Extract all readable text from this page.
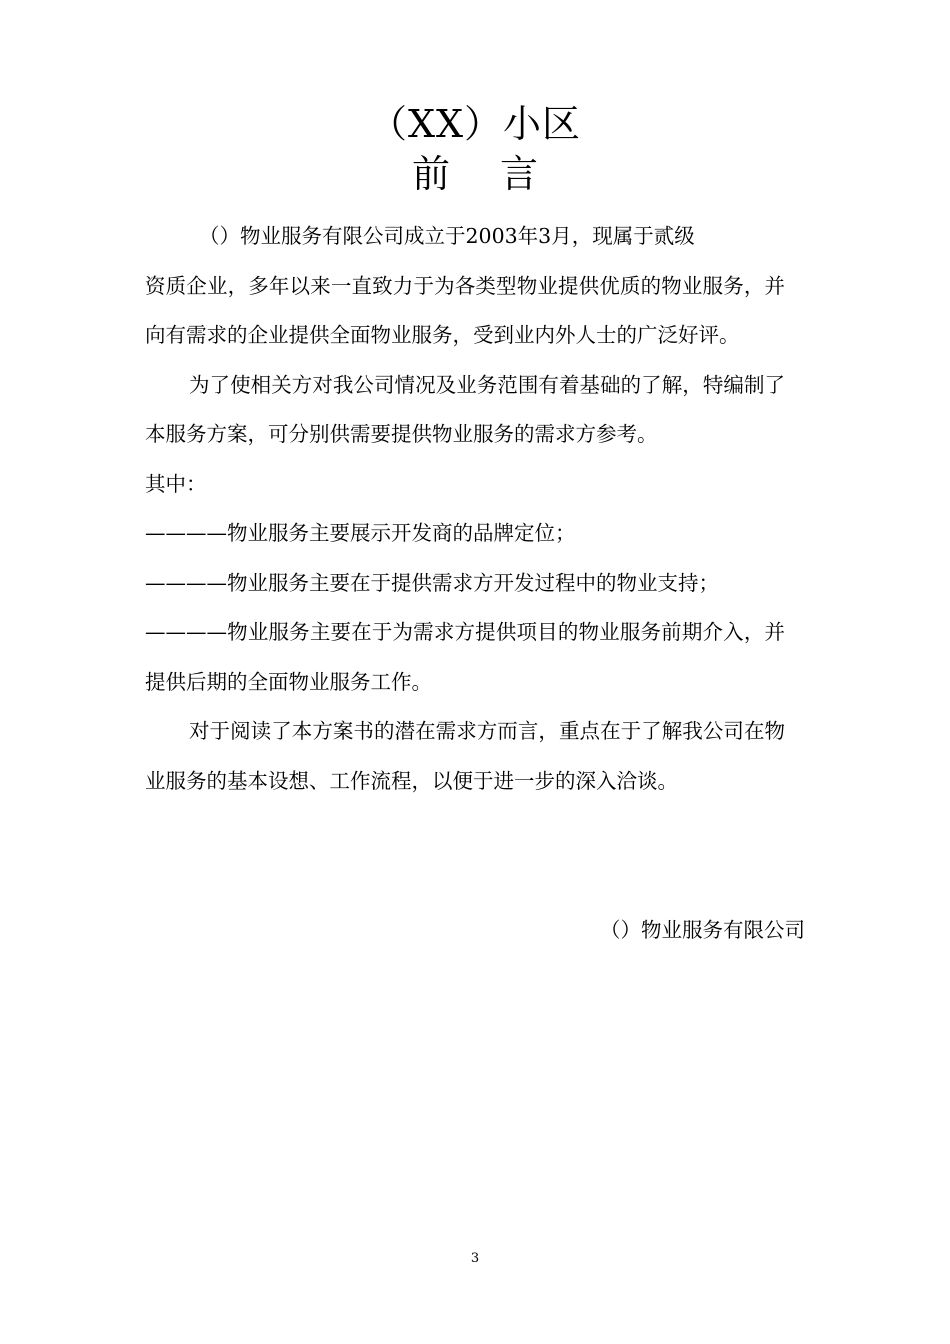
（XX）小区
前言

（）物业服务有限公司成立于2003年3月，现属于贰级

资质企业，多年以来一直致力于为各类型物业提供优质的物业服务，并向有需求的企业提供全面物业服务，受到业内外人士的广泛好评。

为了使相关方对我公司情况及业务范围有着基础的了解，特编制了本服务方案，可分别供需要提供物业服务的需求方参考。

其中：

————物业服务主要展示开发商的品牌定位；

————物业服务主要在于提供需求方开发过程中的物业支持；

————物业服务主要在于为需求方提供项目的物业服务前期介入，并提供后期的全面物业服务工作。

对于阅读了本方案书的潜在需求方而言，重点在于了解我公司在物业服务的基本设想、工作流程，以便于进一步的深入洽谈。

（）物业服务有限公司
3
